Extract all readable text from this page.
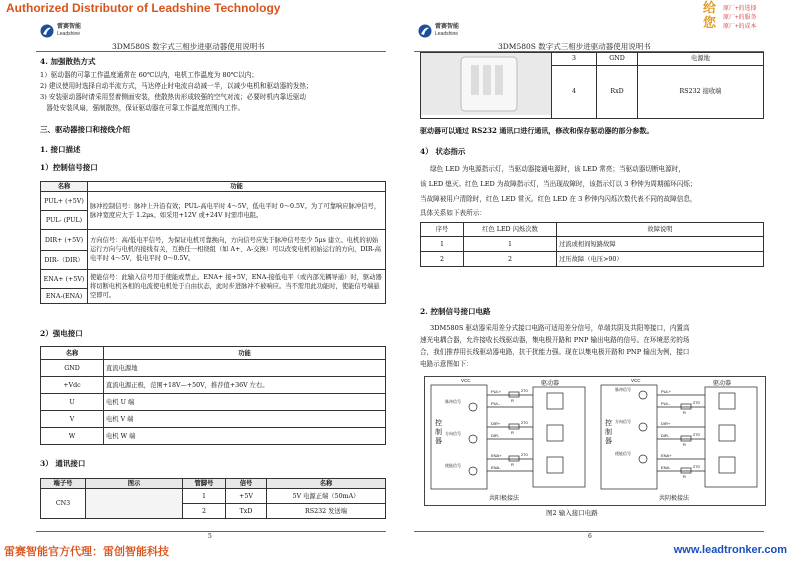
Authorized Distributor of Leadshine Technology	给您
原厂+的选择
原厂+的服务
原厂+的成本
雷赛智能
Leadshine
3DM580S 数字式三相步进驱动器使用说明书
4. 加强散热方式
1）驱动器的可靠工作温度通常在 60℃以内，电机工作温度为 80℃以内；
2) 建议使用时选择自动半流方式，马达停止时电流自动减一半，以减少电机和驱动器的发热；
3) 安装驱动器时请采用竖着侧面安装，使散热齿形成较强的空气对流；必要时机内靠近驱动
器处安装风扇，强制散热，保证驱动器在可靠工作温度范围内工作。
三、驱动器接口和接线介绍
1. 接口描述
1）控制信号接口
名称	功能
PUL+ (+5V)	脉冲控制信号：脉冲上升沿有效；PUL-高电平时 4～5V，低电平时 0～0.5V。为了可靠响应脉冲信号，脉冲宽度应大于 1.2μs。如采用+12V 或+24V 时需串电阻。
PUL- (PUL)	
DIR+ (+5V)	方向信号：高/低电平信号，为保证电机可靠换向，方向信号应先于脉冲信号至少 5μs 建立。电机的初始运行方向与电机的接线有关，互换任一相绕组（如 A+、A-交换）可以改变电机初始运行的方向，DIR-高电平时 4～5V，低电平时 0～0.5V。
DIR-（DIR）	
ENA+ (+5V)	使能信号：此输入信号用于使能或禁止。ENA+ 接+5V，ENA-接低电平（或内部光耦导通）时，驱动器将切断电机各相的电流使电机处于自由状态，此时步进脉冲不被响应。当不需用此功能时，使能信号端悬空即可。
ENA-(ENA)	
2）强电接口
名称	功能
GND	直流电源地
+Vdc	直流电源正极，范围+18V—+50V，推荐值+36V 左右。
U	电机 U 端
V	电机 V 端
W	电机 W 端
3） 通讯接口
端子号	图示	管脚号	信号	名称
CN3		1	+5V	5V 电源正端（50mA）
		2	TxD	RS232 发送端
5
雷赛智能
Leadshine
3DM580S 数字式三相步进驱动器使用说明书
	3	GND	电源地
	4	RxD	RS232 接收端
驱动器可以通过 RS232 通讯口进行通讯，修改和保存驱动器的部分参数。
4） 状态指示
绿色 LED 为电源指示灯，当驱动器接通电源时，该 LED 常亮；当驱动器切断电源时，
该 LED 熄灭。红色 LED 为故障指示灯，当出现故障时，该指示灯以 3 秒钟为周期循环闪烁；
当故障被用户清除时，红色 LED 常灭。红色 LED 在 3 秒钟内闪烁次数代表不同的故障信息，
具体关系如下表所示：
序号	红色 LED 闪烁次数	故障说明
1	1	过流或相间短路故障
2	2	过压故障（电压>90）
2. 控制信号接口电路
3DM580S 驱动器采用差分式接口电路可适用差分信号，单端共阴及共阳等接口，内置高
速光电耦合器，允许接收长线驱动器，集电极开路和 PNP 输出电路的信号。在环境恶劣的场
合，我们推荐用长线驱动器电路，抗干扰能力强。现在以集电极开路和 PNP 输出为例，接口
电路示意图如下：
VCC	VCC
控制器
控制器
驱动器	驱动器
脉冲信号
方向信号
使能信号
脉冲信号
方向信号
使能信号
PUL+
PUL-
DIR+
DIR-
ENA+
ENA-
PUL+
PUL-
DIR+
DIR-
ENA+
ENA-
270
270
270
270
270
270
R
R
R
R
R
R
共阳极接法	共阴极接法
图2 输入接口电路
6
雷赛智能官方代理：雷创智能科技	www.leadtronker.com
